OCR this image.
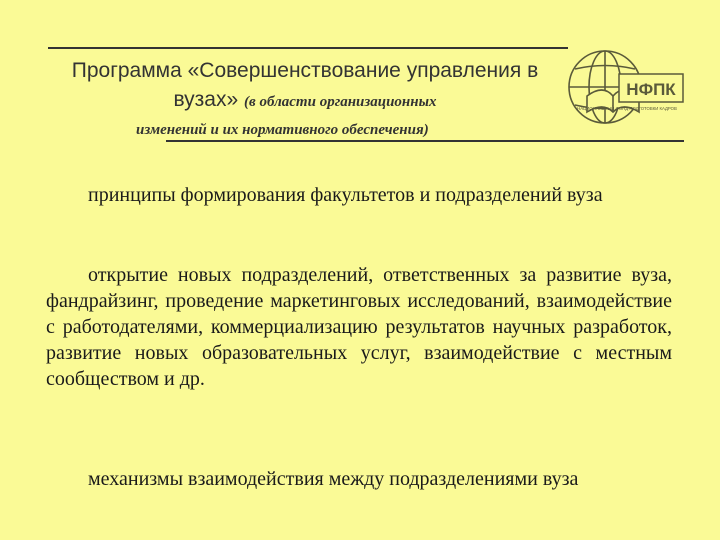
Программа «Совершенствование управления в вузах» (в области организационных
изменений и их нормативного обеспечения)
НФПК
НАЦИОНАЛЬНЫЙ ФОНД ПОДГОТОВКИ КАДРОВ
принципы формирования факультетов и подразделений вуза
открытие новых подразделений, ответственных за развитие вуза, фандрайзинг, проведение маркетинговых исследований, взаимодействие с работодателями, коммерциализацию результатов научных разработок, развитие новых образовательных услуг, взаимодействие с местным сообществом и др.
механизмы взаимодействия между подразделениями вуза
